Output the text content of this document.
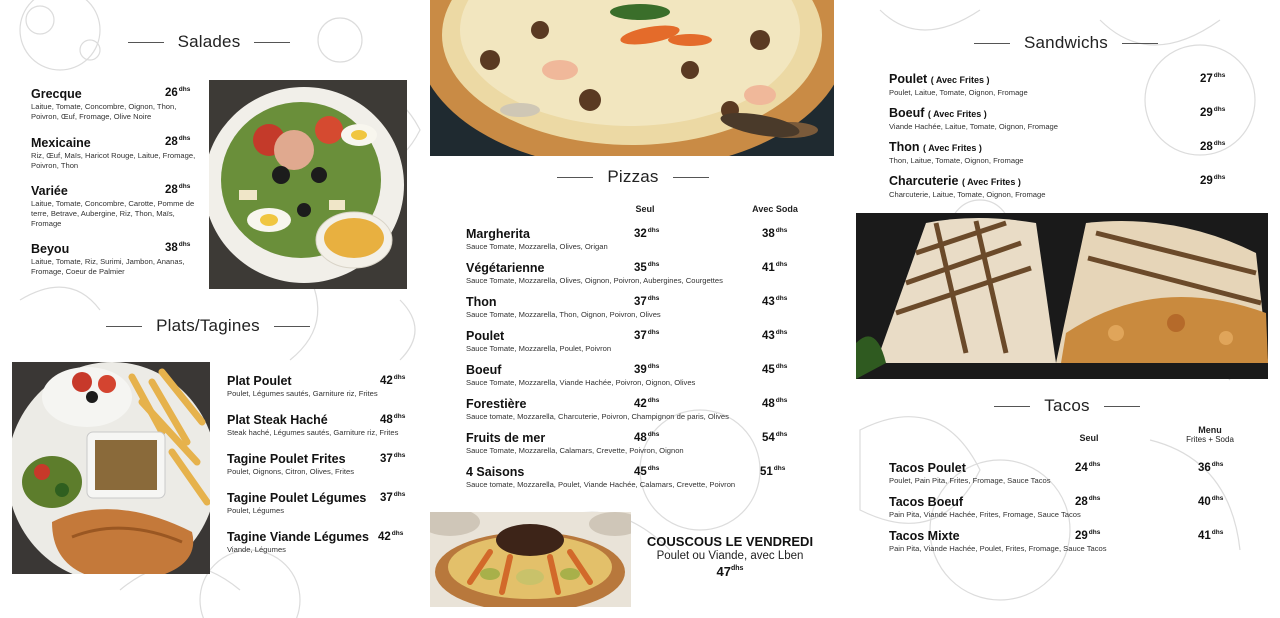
Salades
Grecque
Laitue, Tomate, Concombre, Oignon, Thon, Poivron, Œuf, Fromage, Olive Noire
$26^{dhs}$
Mexicaine
Riz, Œuf, Maïs, Haricot Rouge, Laitue, Fromage, Poivron, Thon
$28^{dhs}$
Variée
Laitue, Tomate, Concombre, Carotte, Pomme de terre, Betrave, Aubergine, Riz, Thon, Maïs, Fromage
$28^{dhs}$
Beyou
Laitue, Tomate, Riz, Surimi, Jambon, Ananas, Fromage, Coeur de Palmier
$38^{dhs}$
Plats/Tagines
Plat Poulet
Poulet, Légumes sautés, Garniture riz, Frites
$42^{dhs}$
Plat Steak Haché
Steak haché, Légumes sautés, Garniture riz, Frites
$48^{dhs}$
Tagine Poulet Frites
Poulet, Oignons, Citron, Olives, Frites
$37^{dhs}$
Tagine Poulet Légumes
Poulet, Légumes
$37^{dhs}$
Tagine Viande Légumes
Viande, Légumes
$42^{dhs}$
Pizzas
Seul	Avec Soda
Margherita
Sauce Tomate, Mozzarella, Olives, Origan
$32^{dhs}$	$38^{dhs}$
Végétarienne
Sauce Tomate, Mozzarella, Olives, Oignon, Poivron, Aubergines, Courgettes
$35^{dhs}$	$41^{dhs}$
Thon
Sauce Tomate, Mozzarella, Thon, Oignon, Poivron, Olives
$37^{dhs}$	$43^{dhs}$
Poulet
Sauce Tomate, Mozzarella, Poulet, Poivron
$37^{dhs}$	$43^{dhs}$
Boeuf
Sauce Tomate, Mozzarella, Viande Hachée, Poivron, Oignon, Olives
$39^{dhs}$	$45^{dhs}$
Forestière
Sauce tomate, Mozzarella, Charcuterie, Poivron, Champignon de paris, Olives
$42^{dhs}$	$48^{dhs}$
Fruits de mer
Sauce Tomate, Mozzarella, Calamars, Crevette, Poivron, Oignon
$48^{dhs}$	$54^{dhs}$
4 Saisons
Sauce tomate, Mozzarella, Poulet, Viande Hachée, Calamars, Crevette, Poivron
$45^{dhs}$	$51^{dhs}$
COUSCOUS LE VENDREDI
Poulet ou Viande, avec Lben
$47^{dhs}$
Sandwichs
Poulet ( Avec Frites )
Poulet, Laitue, Tomate, Oignon, Fromage
$27^{dhs}$
Boeuf ( Avec Frites )
Viande Hachée, Laitue, Tomate, Oignon, Fromage
$29^{dhs}$
Thon ( Avec Frites )
Thon, Laitue, Tomate, Oignon, Fromage
$28^{dhs}$
Charcuterie ( Avec Frites )
Charcuterie, Laitue, Tomate, Oignon, Fromage
$29^{dhs}$
Tacos
Seul
Menu
Frites + Soda
Tacos Poulet
Poulet, Pain Pita, Frites, Fromage, Sauce Tacos
$24^{dhs}$	$36^{dhs}$
Tacos Boeuf
Pain Pita, Viande Hachée, Frites, Fromage, Sauce Tacos
$28^{dhs}$	$40^{dhs}$
Tacos Mixte
Pain Pita, Viande Hachée, Poulet, Frites, Fromage, Sauce Tacos
$29^{dhs}$	$41^{dhs}$
